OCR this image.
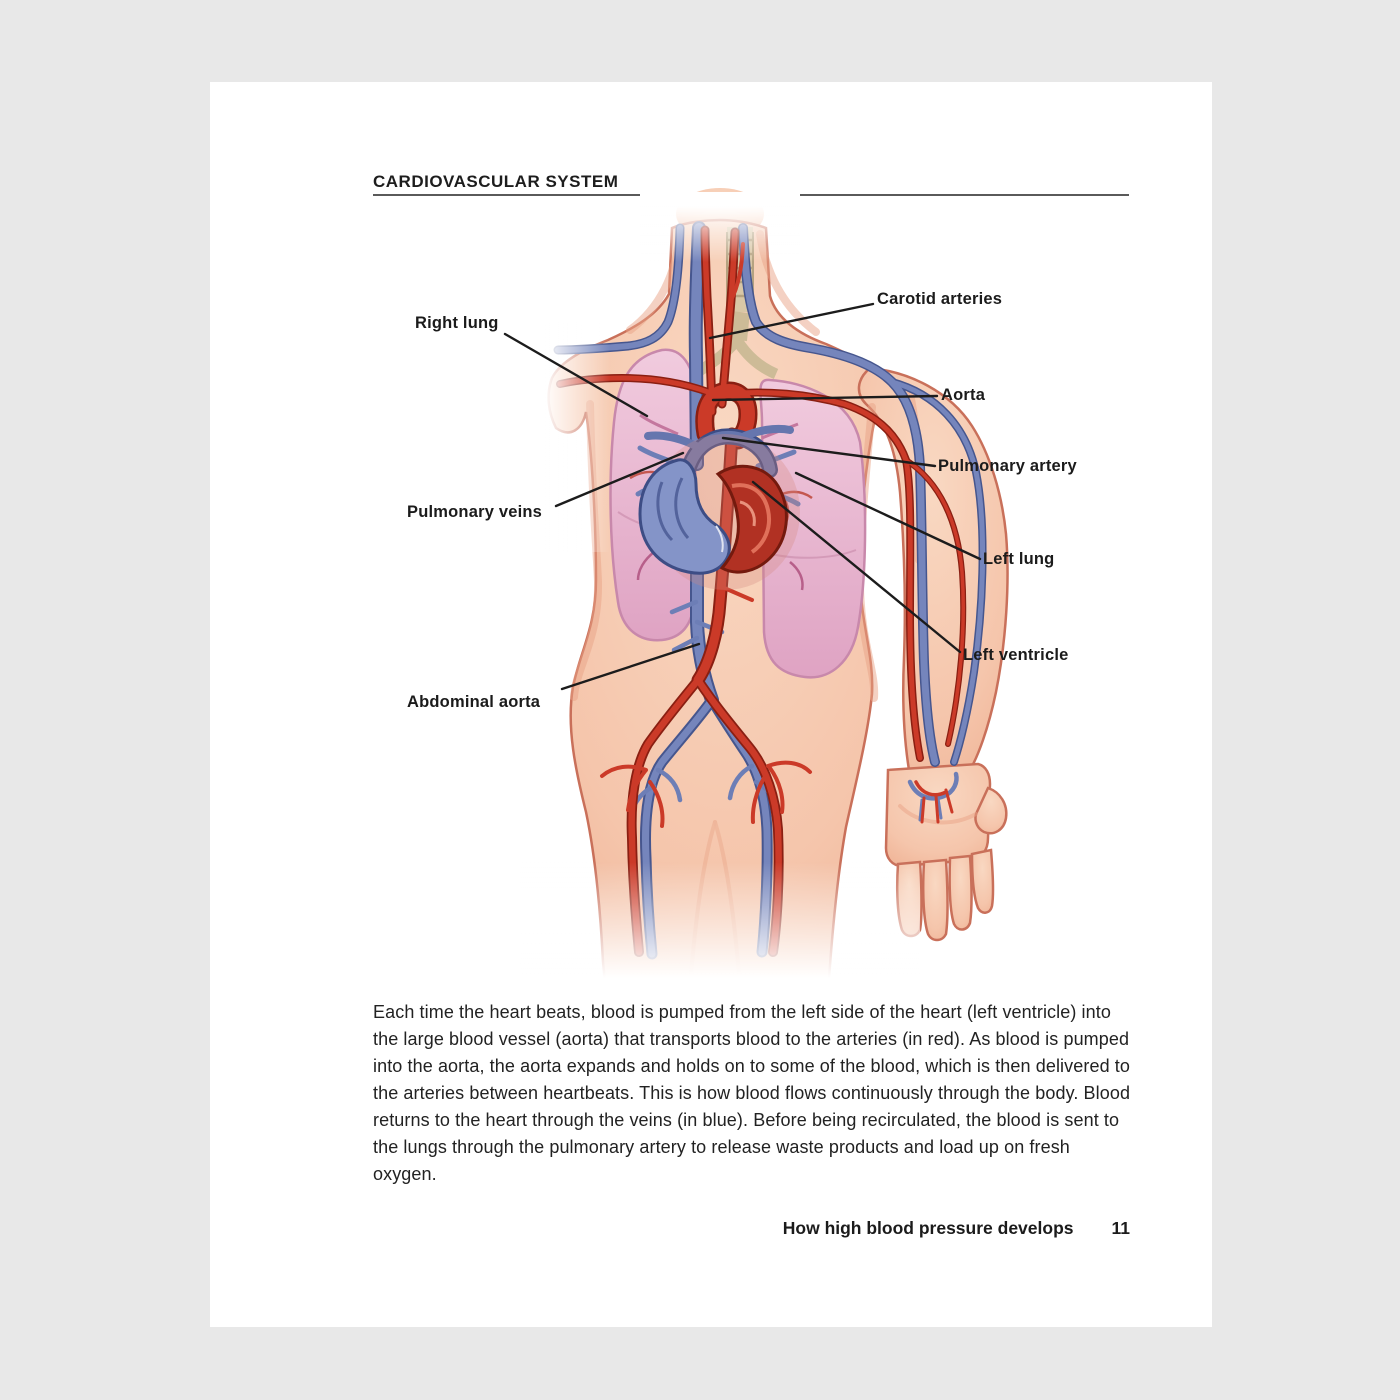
CARDIOVASCULAR SYSTEM
Right lung
Carotid arteries
Aorta
Pulmonary artery
Pulmonary veins
Left lung
Left ventricle
Abdominal aorta
Each time the heart beats, blood is pumped from the left side of the heart (left ventricle) into the large blood vessel (aorta) that transports blood to the arteries (in red). As blood is pumped into the aorta, the aorta expands and holds on to some of the blood, which is then delivered to the arteries between heartbeats. This is how blood flows continuously through the body. Blood returns to the heart through the veins (in blue). Before being recirculated, the blood is sent to the lungs through the pulmonary artery to release waste products and load up on fresh oxygen.
How high blood pressure develops 11
